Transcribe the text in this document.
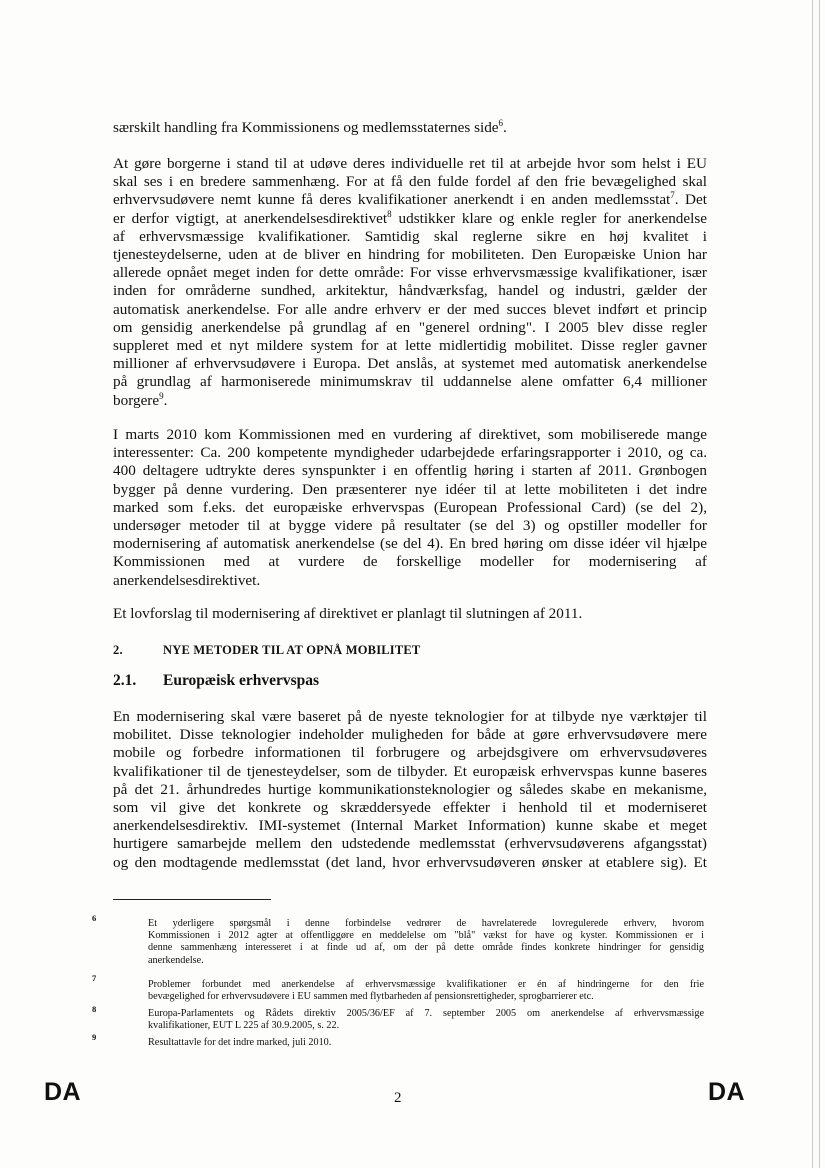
særskilt handling fra Kommissionens og medlemsstaternes side$^6$.

At gøre borgerne i stand til at udøve deres individuelle ret til at arbejde hvor som helst i EU
skal ses i en bredere sammenhæng. For at få den fulde fordel af den frie bevægelighed skal
erhvervsudøvere nemt kunne få deres kvalifikationer anerkendt i en anden medlemsstat$^7$. Det
er derfor vigtigt, at anerkendelsesdirektivet$^8$ udstikker klare og enkle regler for anerkendelse
af erhvervsmæssige kvalifikationer. Samtidig skal reglerne sikre en høj kvalitet i
tjenesteydelserne, uden at de bliver en hindring for mobiliteten. Den Europæiske Union har
allerede opnået meget inden for dette område: For visse erhvervsmæssige kvalifikationer, især
inden for områderne sundhed, arkitektur, håndværksfag, handel og industri, gælder der
automatisk anerkendelse. For alle andre erhverv er der med succes blevet indført et princip
om gensidig anerkendelse på grundlag af en "generel ordning". I 2005 blev disse regler
suppleret med et nyt mildere system for at lette midlertidig mobilitet. Disse regler gavner
millioner af erhvervsudøvere i Europa. Det anslås, at systemet med automatisk anerkendelse
på grundlag af harmoniserede minimumskrav til uddannelse alene omfatter 6,4 millioner
borgere$^9$.

I marts 2010 kom Kommissionen med en vurdering af direktivet, som mobiliserede mange
interessenter: Ca. 200 kompetente myndigheder udarbejdede erfaringsrapporter i 2010, og ca.
400 deltagere udtrykte deres synspunkter i en offentlig høring i starten af 2011. Grønbogen
bygger på denne vurdering. Den præsenterer nye idéer til at lette mobiliteten i det indre
marked som f.eks. det europæiske erhvervspas (European Professional Card) (se del 2),
undersøger metoder til at bygge videre på resultater (se del 3) og opstiller modeller for
modernisering af automatisk anerkendelse (se del 4). En bred høring om disse idéer vil hjælpe
Kommissionen med at vurdere de forskellige modeller for modernisering af
anerkendelsesdirektivet.

Et lovforslag til modernisering af direktivet er planlagt til slutningen af 2011.

2.	NYE METODER TIL AT OPNÅ MOBILITET
2.1. Europæisk erhvervspas

En modernisering skal være baseret på de nyeste teknologier for at tilbyde nye værktøjer til
mobilitet. Disse teknologier indeholder muligheden for både at gøre erhvervsudøvere mere
mobile og forbedre informationen til forbrugere og arbejdsgivere om erhvervsudøveres
kvalifikationer til de tjenesteydelser, som de tilbyder. Et europæisk erhvervspas kunne baseres
på det 21. århundredes hurtige kommunikationsteknologier og således skabe en mekanisme,
som vil give det konkrete og skræddersyede effekter i henhold til et moderniseret
anerkendelsesdirektiv. IMI-systemet (Internal Market Information) kunne skabe et meget
hurtigere samarbejde mellem den udstedende medlemsstat (erhvervsudøverens afgangsstat)
og den modtagende medlemsstat (det land, hvor erhvervsudøveren ønsker at etablere sig). Et

6	Et yderligere spørgsmål i denne forbindelse vedrører de havrelaterede lovregulerede erhverv, hvorom
Kommissionen i 2012 agter at offentliggøre en meddelelse om "blå" vækst for have og kyster. Kommissionen er i
denne sammenhæng interesseret i at finde ud af, om der på dette område findes konkrete hindringer for gensidig
anerkendelse.

7

Problemer forbundet med anerkendelse af erhvervsmæssige kvalifikationer er én af hindringerne for den frie
bevægelighed for erhvervsudøvere i EU sammen med flytbarheden af pensionsrettigheder, sprogbarrierer etc.

8	Europa-Parlamentets og Rådets direktiv 2005/36/EF af 7. september 2005 om anerkendelse af erhvervsmæssige
kvalifikationer, EUT L 225 af 30.9.2005, s. 22.

9	Resultattavle for det indre marked, juli 2010.

DA	2	DA
